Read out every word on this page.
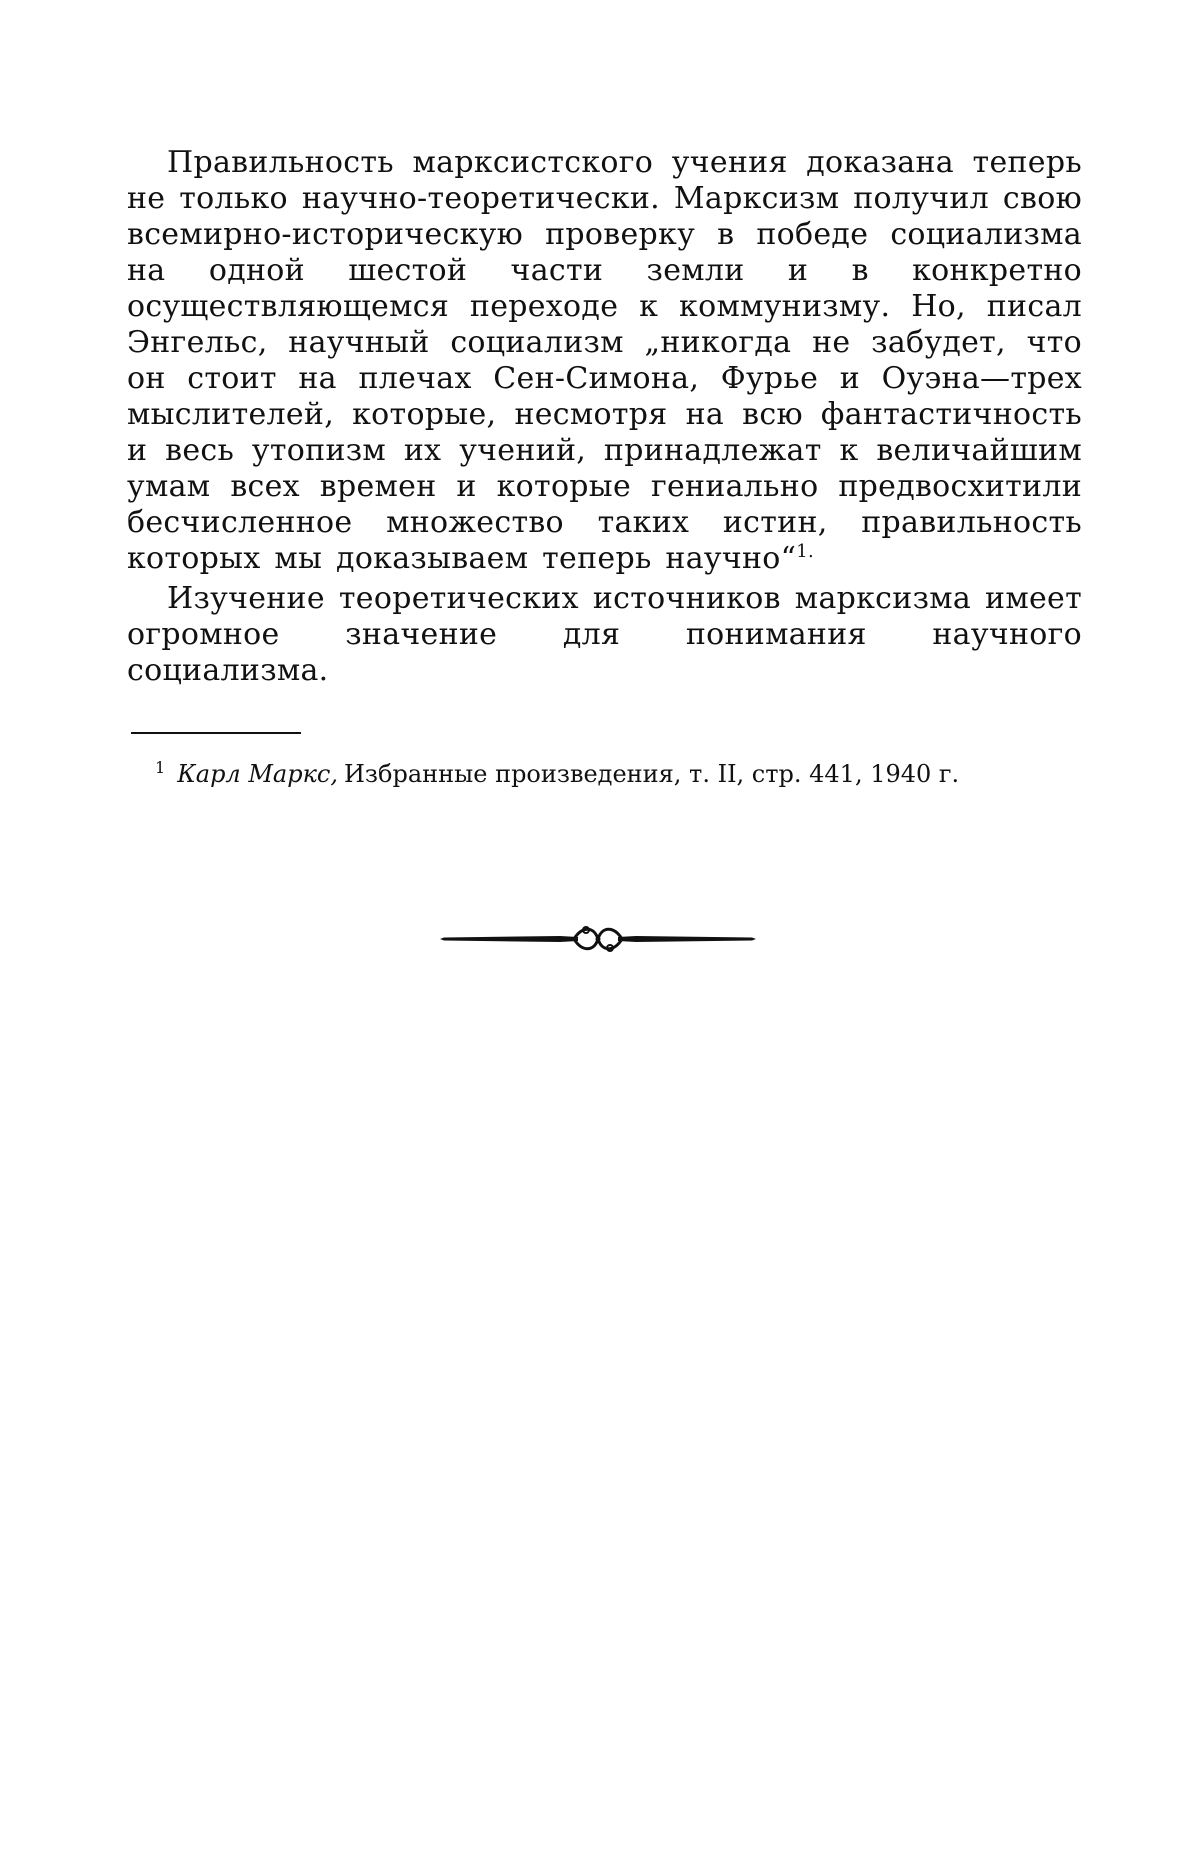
Правильность марксистского учения доказана теперь не только научно-теоретически. Марксизм получил свою всемирно-историческую проверку в победе социализма на одной шестой части земли и в конкретно осуществляющемся переходе к коммунизму. Но, писал Энгельс, научный социализм „никогда не забудет, что он стоит на плечах Сен-Симона, Фурье и Оуэна—трех мыслителей, которые, несмотря на всю фантастичность и весь утопизм их учений, принадлежат к величайшим умам всех времен и которые гениально предвосхитили бесчисленное множество таких истин, правильность которых мы доказываем теперь научно“$^{1.}$

Изучение теоретических источников марксизма имеет огромное значение для понимания научного социализма.

$^1$ Карл Маркс, Избранные произведения, т. II, стр. 441, 1940 г.
